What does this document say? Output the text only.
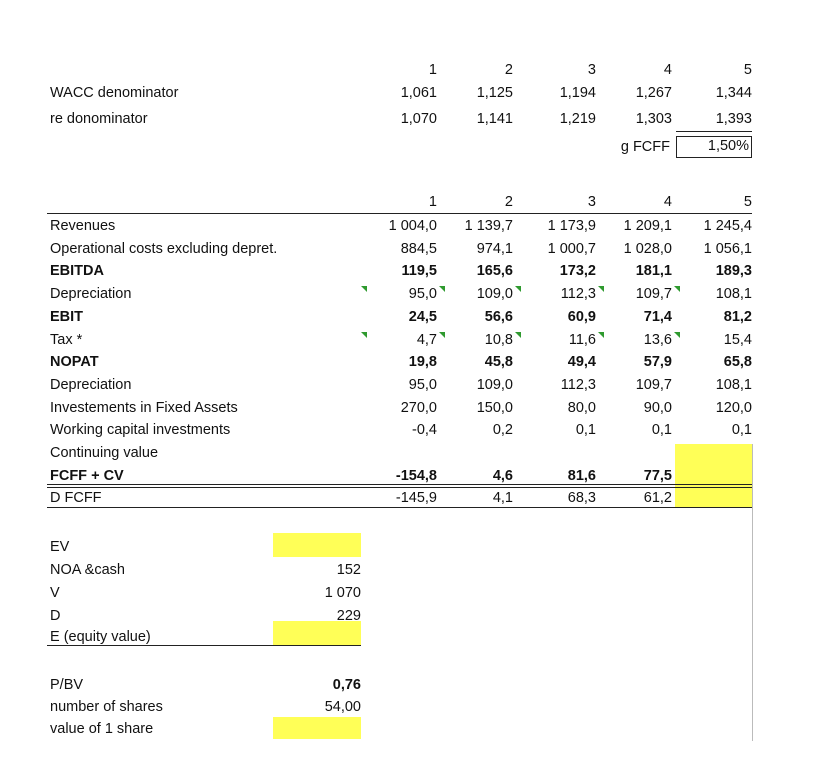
1	2	3	4	5
WACC denominator	1,061	1,125	1,194	1,267	1,344
re donominator	1,070	1,141	1,219	1,303	1,393
g FCFF	1,50%
1	2	3	4	5
Revenues	1 004,0	1 139,7	1 173,9	1 209,1	1 245,4
Operational costs excluding depret.	884,5	974,1	1 000,7	1 028,0	1 056,1
EBITDA	119,5	165,6	173,2	181,1	189,3
Depreciation	95,0	109,0	112,3	109,7	108,1
EBIT	24,5	56,6	60,9	71,4	81,2
Tax *	4,7	10,8	11,6	13,6	15,4
NOPAT	19,8	45,8	49,4	57,9	65,8
Depreciation	95,0	109,0	112,3	109,7	108,1
Investements in Fixed Assets	270,0	150,0	80,0	90,0	120,0
Working capital investments	-0,4	0,2	0,1	0,1	0,1
Continuing value
FCFF + CV	-154,8	4,6	81,6	77,5
D FCFF	-145,9	4,1	68,3	61,2
EV
NOA &cash	152
V	1 070
D	229
E (equity value)
P/BV	0,76
number of shares	54,00
value of 1 share
